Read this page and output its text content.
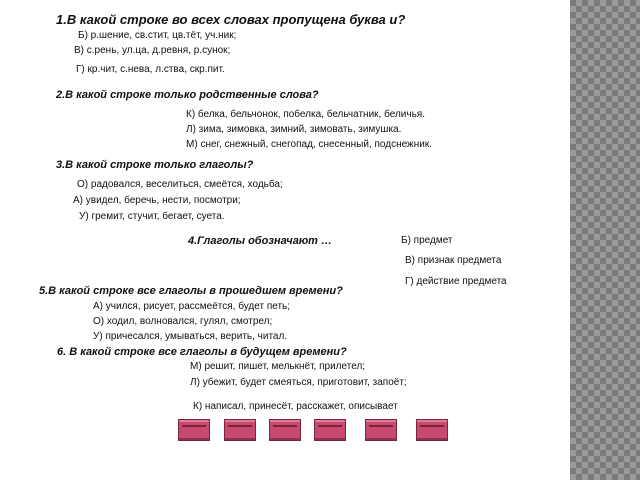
1.В какой строке во всех словах пропущена буква и?
Б) р.шение, св.стит, цв.тёт, уч.ник;
В) с.рень, ул.ца, д.ревня, р.сунок;
Г) кр.чит, с.нева, л.ства, скр.пит.
2.В какой строке только родственные слова?
К) белка, бельчонок, побелка, бельчатник, беличья.
Л) зима, зимовка, зимний, зимовать, зимушка.
М) снег, снежный, снегопад, снесенный, подснежник.
3.В какой строке только глаголы?
О) радовался, веселиться, смеётся, ходьба;
А) увидел, беречь, нести, посмотри;
У) гремит, стучит, бегает, суета.
4.Глаголы обозначают …	Б) предмет
В) признак предмета
Г) действие предмета
5.В какой строке все глаголы в прошедшем времени?
А) учился, рисует, рассмеётся, будет петь;
О) ходил, волновался, гулял, смотрел;
У) причесался, умываться, верить, читал.
6. В какой строке все глаголы в будущем времени?
М) решит, пишет, мелькнёт, прилетел;
Л) убежит, будет смеяться, приготовит, запоёт;
К) написал, принесёт, расскажет, описывает
